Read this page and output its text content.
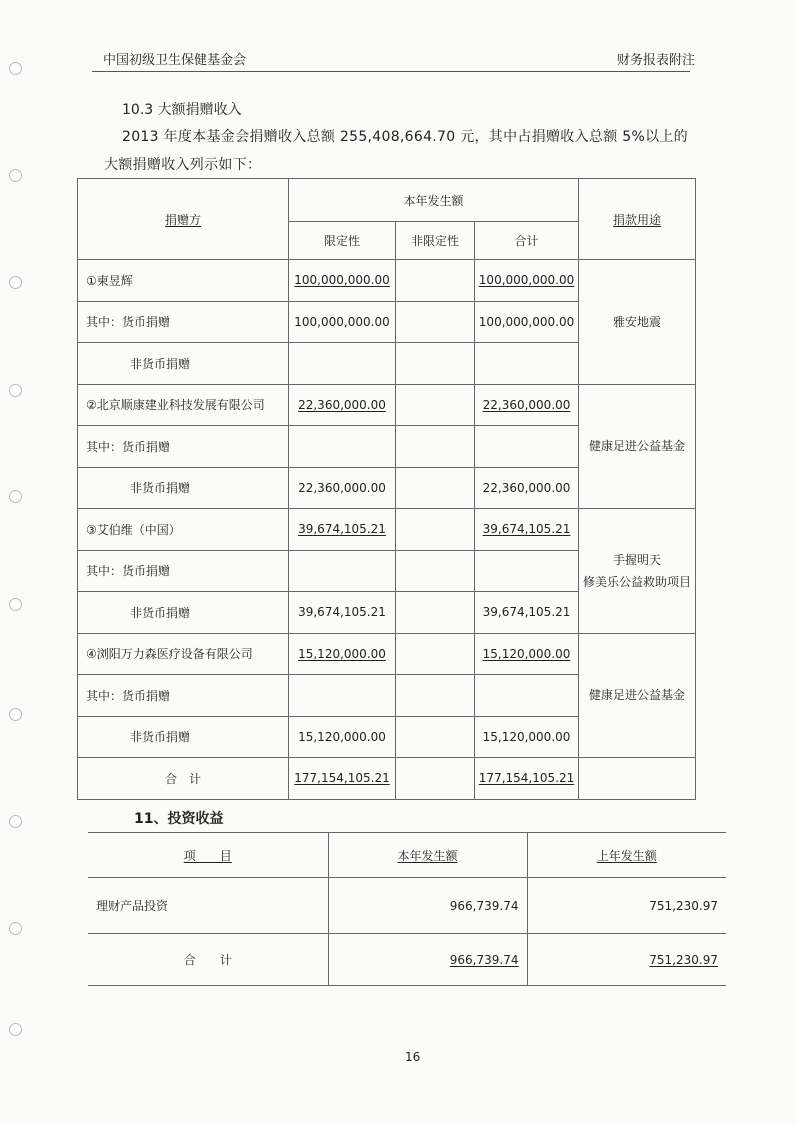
中国初级卫生保健基金会	财务报表附注
10.3 大额捐赠收入
2013 年度本基金会捐赠收入总额 255,408,664.70 元，其中占捐赠收入总额 5%以上的
大额捐赠收入列示如下：
捐赠方	本年发生额			捐款用途
	限定性	非限定性	合计	
①柬昱辉	100,000,000.00		100,000,000.00	雅安地震

其中：货币捐赠	100,000,000.00		100,000,000.00	
非货币捐赠				
②北京顺康建业科技发展有限公司	22,360,000.00		22,360,000.00	健康足进公益基金

其中：货币捐赠				
非货币捐赠	22,360,000.00		22,360,000.00	
③艾伯维（中国）	39,674,105.21		39,674,105.21	手握明天
修美乐公益救助项目
其中：货币捐赠				
非货币捐赠	39,674,105.21		39,674,105.21	
④浏阳万力森医疗设备有限公司	15,120,000.00		15,120,000.00	健康足进公益基金

其中：货币捐赠				
非货币捐赠	15,120,000.00		15,120,000.00	
合　计	177,154,105.21		177,154,105.21	
11、投资收益
项　　目	本年发生额	上年发生额
理财产品投资	966,739.74	751,230.97
合　　计	966,739.74	751,230.97
16
